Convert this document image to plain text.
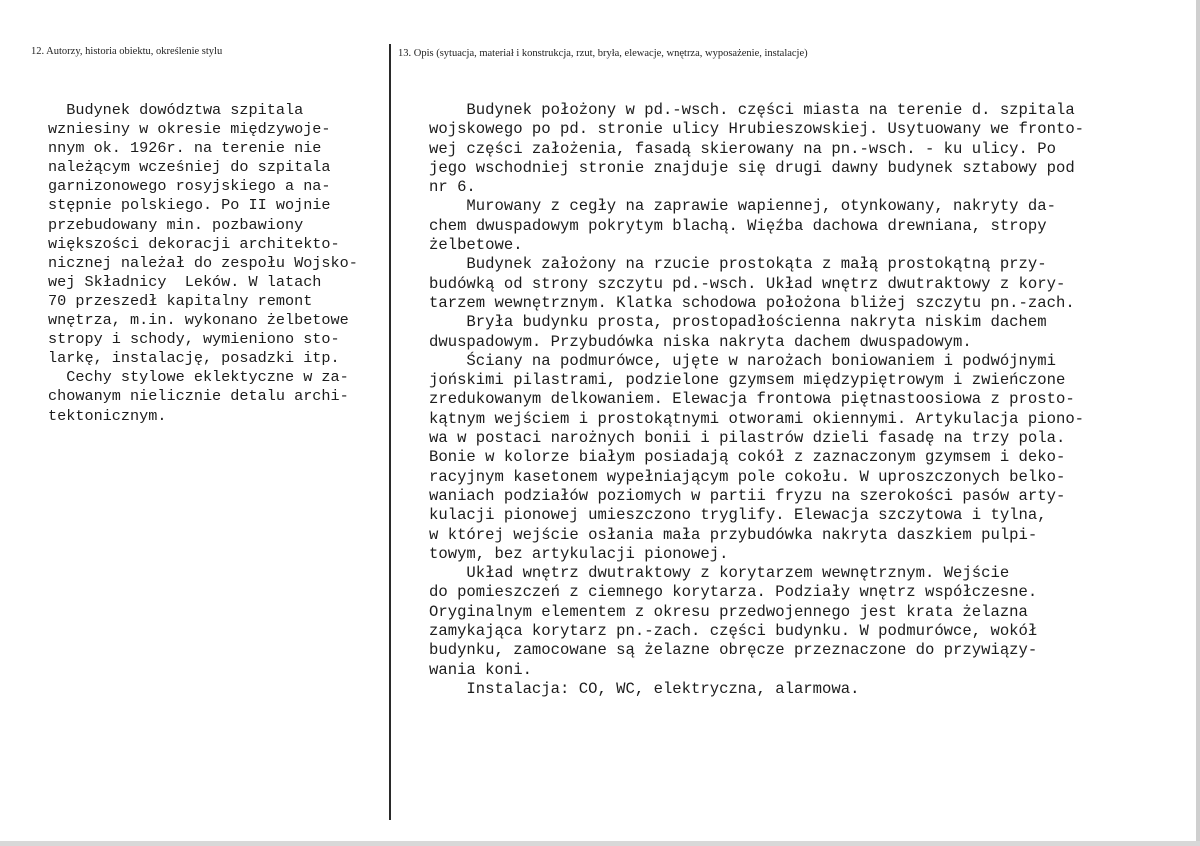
12. Autorzy, historia obiektu, określenie stylu	13. Opis (sytuacja, materiał i konstrukcja, rzut, bryła, elewacje, wnętrza, wyposażenie, instalacje)
Budynek dowództwa szpitala
wzniesiny w okresie międzywoje-
nnym ok. 1926r. na terenie nie
należącym wcześniej do szpitala
garnizonowego rosyjskiego a na-
stępnie polskiego. Po II wojnie
przebudowany min. pozbawiony
większości dekoracji architekto-
nicznej należał do zespołu Wojsko-
wej Składnicy  Leków. W latach
70 przeszedł kapitalny remont
wnętrza, m.in. wykonano żelbetowe
stropy i schody, wymieniono sto-
larkę, instalację, posadzki itp.
Cechy stylowe eklektyczne w za-
chowanym nielicznie detalu archi-
tektonicznym.
Budynek położony w pd.-wsch. części miasta na terenie d. szpitala
wojskowego po pd. stronie ulicy Hrubieszowskiej. Usytuowany we fronto-
wej części założenia, fasadą skierowany na pn.-wsch. - ku ulicy. Po
jego wschodniej stronie znajduje się drugi dawny budynek sztabowy pod
nr 6.
Murowany z cegły na zaprawie wapiennej, otynkowany, nakryty da-
chem dwuspadowym pokrytym blachą. Więźba dachowa drewniana, stropy
żelbetowe.
Budynek założony na rzucie prostokąta z małą prostokątną przy-
budówką od strony szczytu pd.-wsch. Układ wnętrz dwutraktowy z kory-
tarzem wewnętrznym. Klatka schodowa położona bliżej szczytu pn.-zach.
Bryła budynku prosta, prostopadłościenna nakryta niskim dachem
dwuspadowym. Przybudówka niska nakryta dachem dwuspadowym.
Ściany na podmurówce, ujęte w narożach boniowaniem i podwójnymi
jońskimi pilastrami, podzielone gzymsem międzypiętrowym i zwieńczone
zredukowanym delkowaniem. Elewacja frontowa piętnastoosiowa z prosto-
kątnym wejściem i prostokątnymi otworami okiennymi. Artykulacja piono-
wa w postaci narożnych bonii i pilastrów dzieli fasadę na trzy pola.
Bonie w kolorze białym posiadają cokół z zaznaczonym gzymsem i deko-
racyjnym kasetonem wypełniającym pole cokołu. W uproszczonych belko-
waniach podziałów poziomych w partii fryzu na szerokości pasów arty-
kulacji pionowej umieszczono tryglify. Elewacja szczytowa i tylna,
w której wejście osłania mała przybudówka nakryta daszkiem pulpi-
towym, bez artykulacji pionowej.
Układ wnętrz dwutraktowy z korytarzem wewnętrznym. Wejście
do pomieszczeń z ciemnego korytarza. Podziały wnętrz współczesne.
Oryginalnym elementem z okresu przedwojennego jest krata żelazna
zamykająca korytarz pn.-zach. części budynku. W podmurówce, wokół
budynku, zamocowane są żelazne obręcze przeznaczone do przywiązy-
wania koni.
Instalacja: CO, WC, elektryczna, alarmowa.
